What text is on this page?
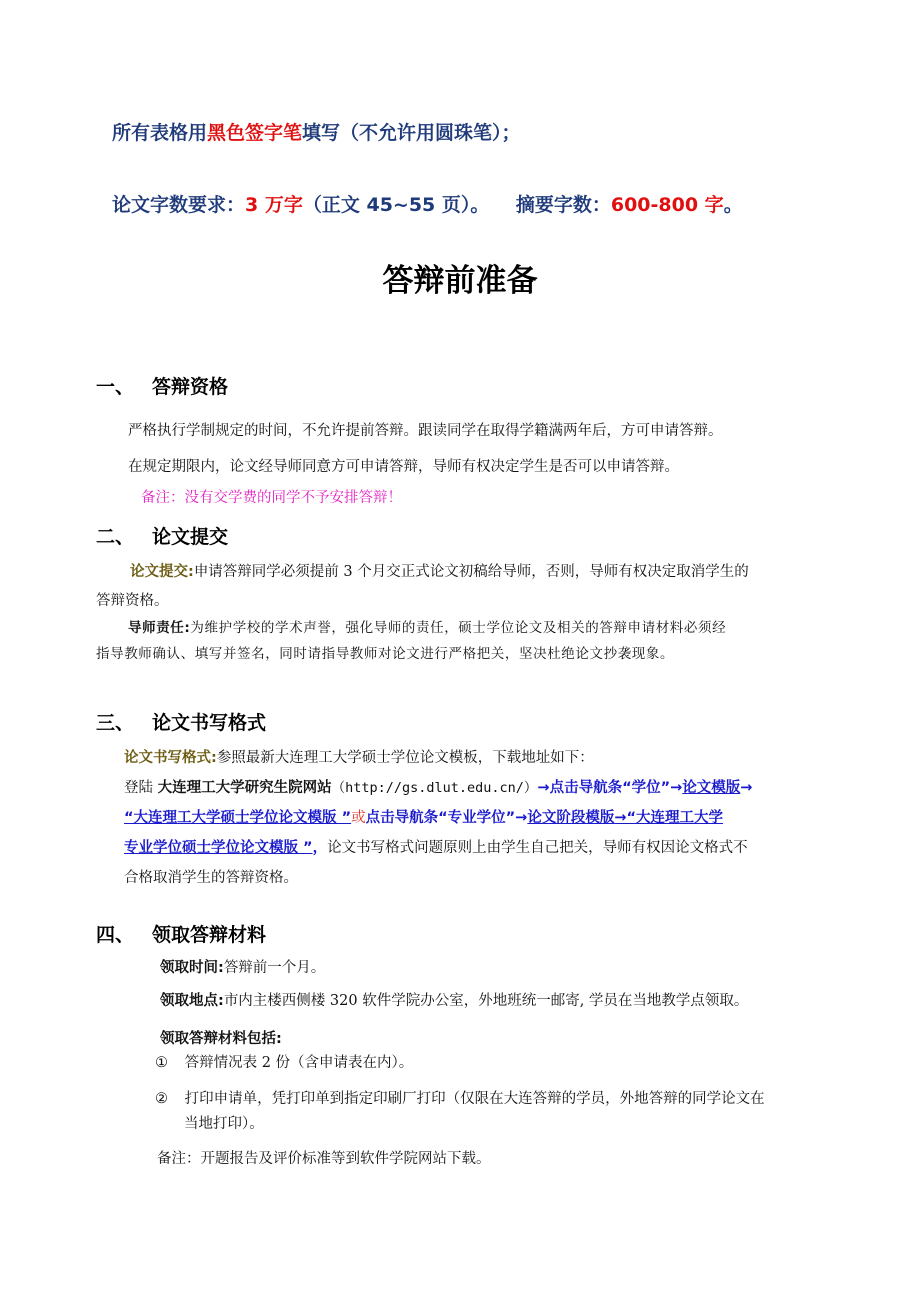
所有表格用黑色签字笔填写（不允许用圆珠笔）；
论文字数要求：3 万字（正文 45~55 页）。    摘要字数：600-800 字。
答辩前准备
一、 答辩资格
严格执行学制规定的时间，不允许提前答辩。跟读同学在取得学籍满两年后，方可申请答辩。
在规定期限内，论文经导师同意方可申请答辩，导师有权决定学生是否可以申请答辩。
备注：没有交学费的同学不予安排答辩！
二、 论文提交
论文提交:申请答辩同学必须提前 3 个月交正式论文初稿给导师，否则，导师有权决定取消学生的
答辩资格。
导师责任:为维护学校的学术声誉，强化导师的责任，硕士学位论文及相关的答辩申请材料必须经
指导教师确认、填写并签名，同时请指导教师对论文进行严格把关，坚决杜绝论文抄袭现象。
三、 论文书写格式
论文书写格式:参照最新大连理工大学硕士学位论文模板，下载地址如下：
登陆 大连理工大学研究生院网站（http://gs.dlut.edu.cn/）→点击导航条“学位”→论文模版→
“大连理工大学硕士学位论文模版 ”或点击导航条“专业学位”→论文阶段模版→“大连理工大学
专业学位硕士学位论文模版 ”，论文书写格式问题原则上由学生自己把关，导师有权因论文格式不
合格取消学生的答辩资格。
四、 领取答辩材料
领取时间:答辩前一个月。
领取地点:市内主楼西侧楼 320 软件学院办公室，外地班统一邮寄, 学员在当地教学点领取。
领取答辩材料包括:
① 答辩情况表 2 份（含申请表在内）。
② 打印申请单，凭打印单到指定印刷厂打印（仅限在大连答辩的学员，外地答辩的同学论文在
当地打印）。
备注：开题报告及评价标准等到软件学院网站下载。
